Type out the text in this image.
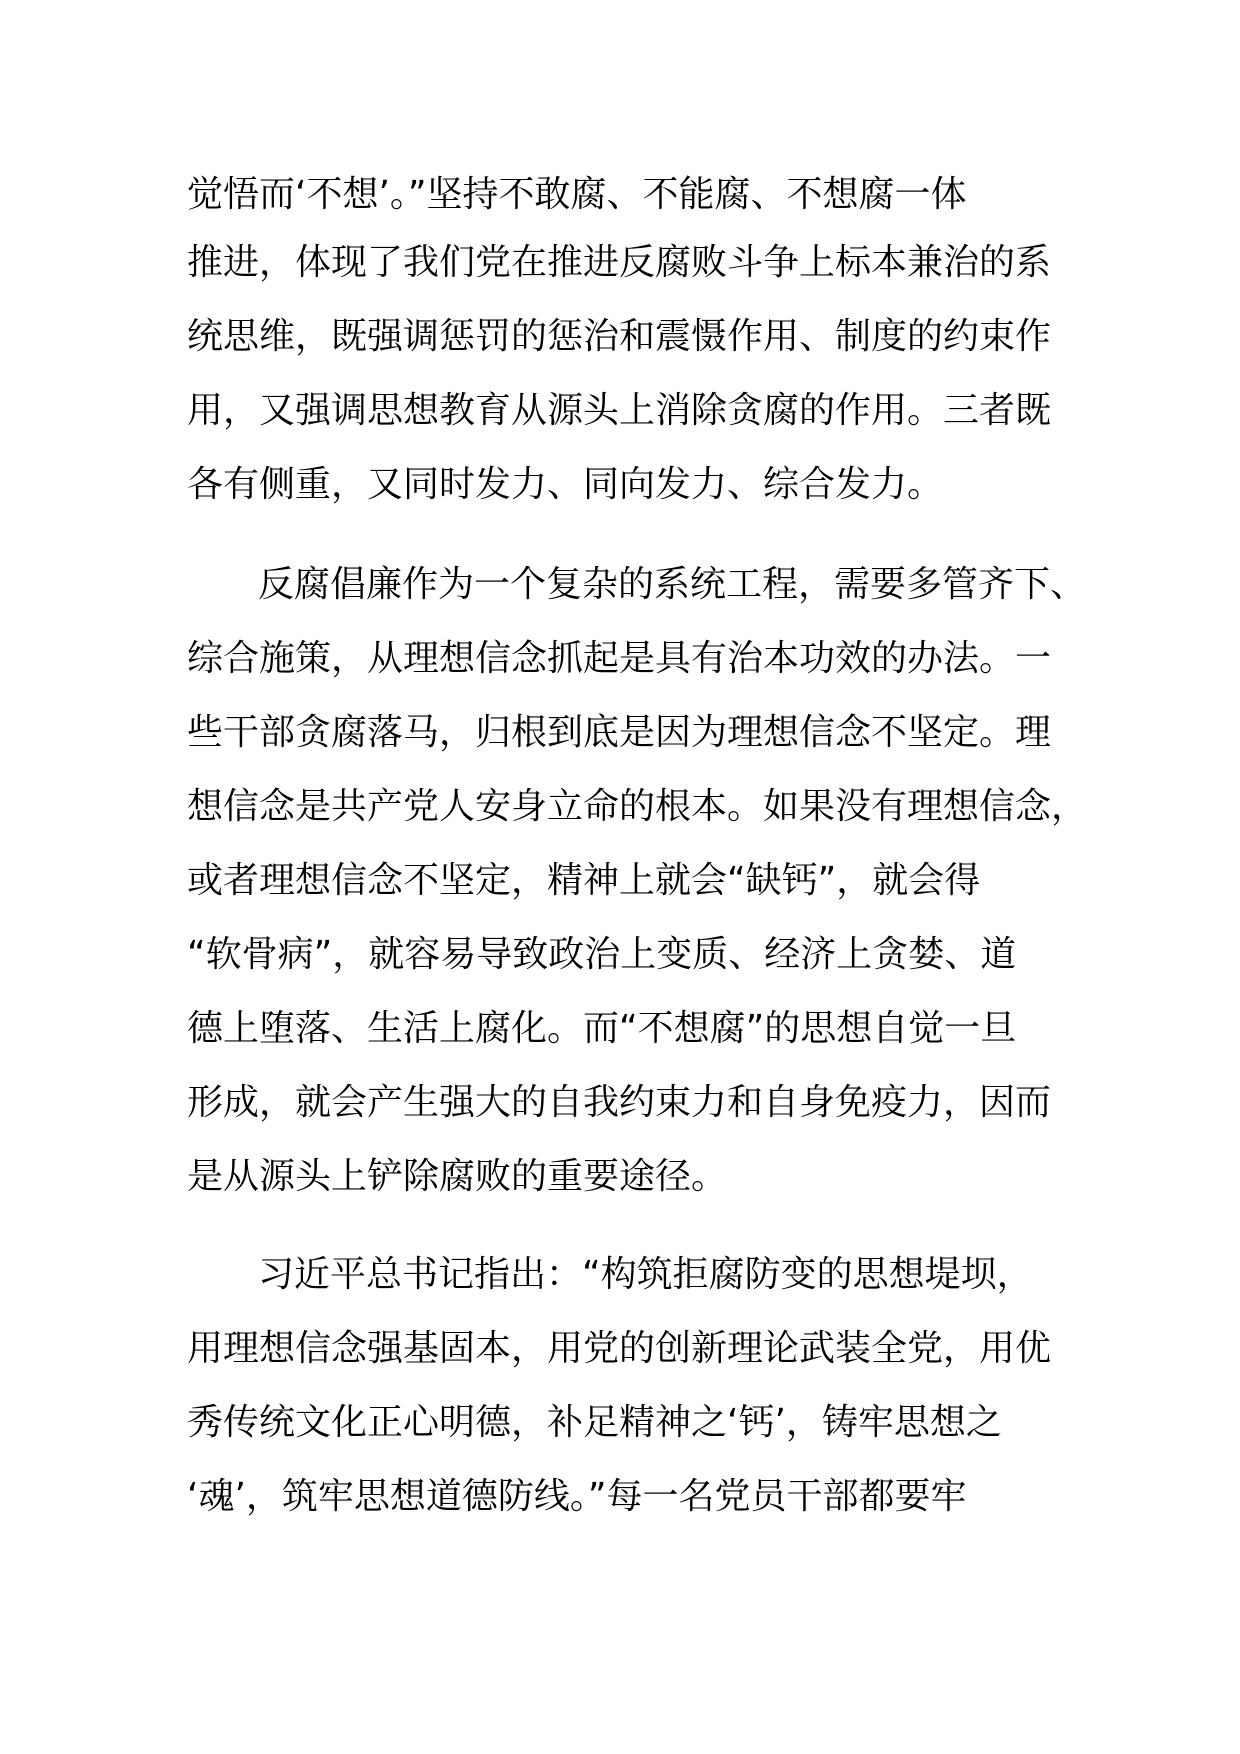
觉悟而‘不想’。”坚持不敢腐、不能腐、不想腐一体
推进，体现了我们党在推进反腐败斗争上标本兼治的系
统思维，既强调惩罚的惩治和震慑作用、制度的约束作
用，又强调思想教育从源头上消除贪腐的作用。三者既
各有侧重，又同时发力、同向发力、综合发力。
反腐倡廉作为一个复杂的系统工程，需要多管齐下、
综合施策，从理想信念抓起是具有治本功效的办法。一
些干部贪腐落马，归根到底是因为理想信念不坚定。理
想信念是共产党人安身立命的根本。如果没有理想信念，
或者理想信念不坚定，精神上就会“缺钙”，就会得
“软骨病”，就容易导致政治上变质、经济上贪婪、道
德上堕落、生活上腐化。而“不想腐”的思想自觉一旦
形成，就会产生强大的自我约束力和自身免疫力，因而
是从源头上铲除腐败的重要途径。
习近平总书记指出：“构筑拒腐防变的思想堤坝，
用理想信念强基固本，用党的创新理论武装全党，用优
秀传统文化正心明德，补足精神之‘钙’，铸牢思想之
‘魂’，筑牢思想道德防线。”每一名党员干部都要牢
